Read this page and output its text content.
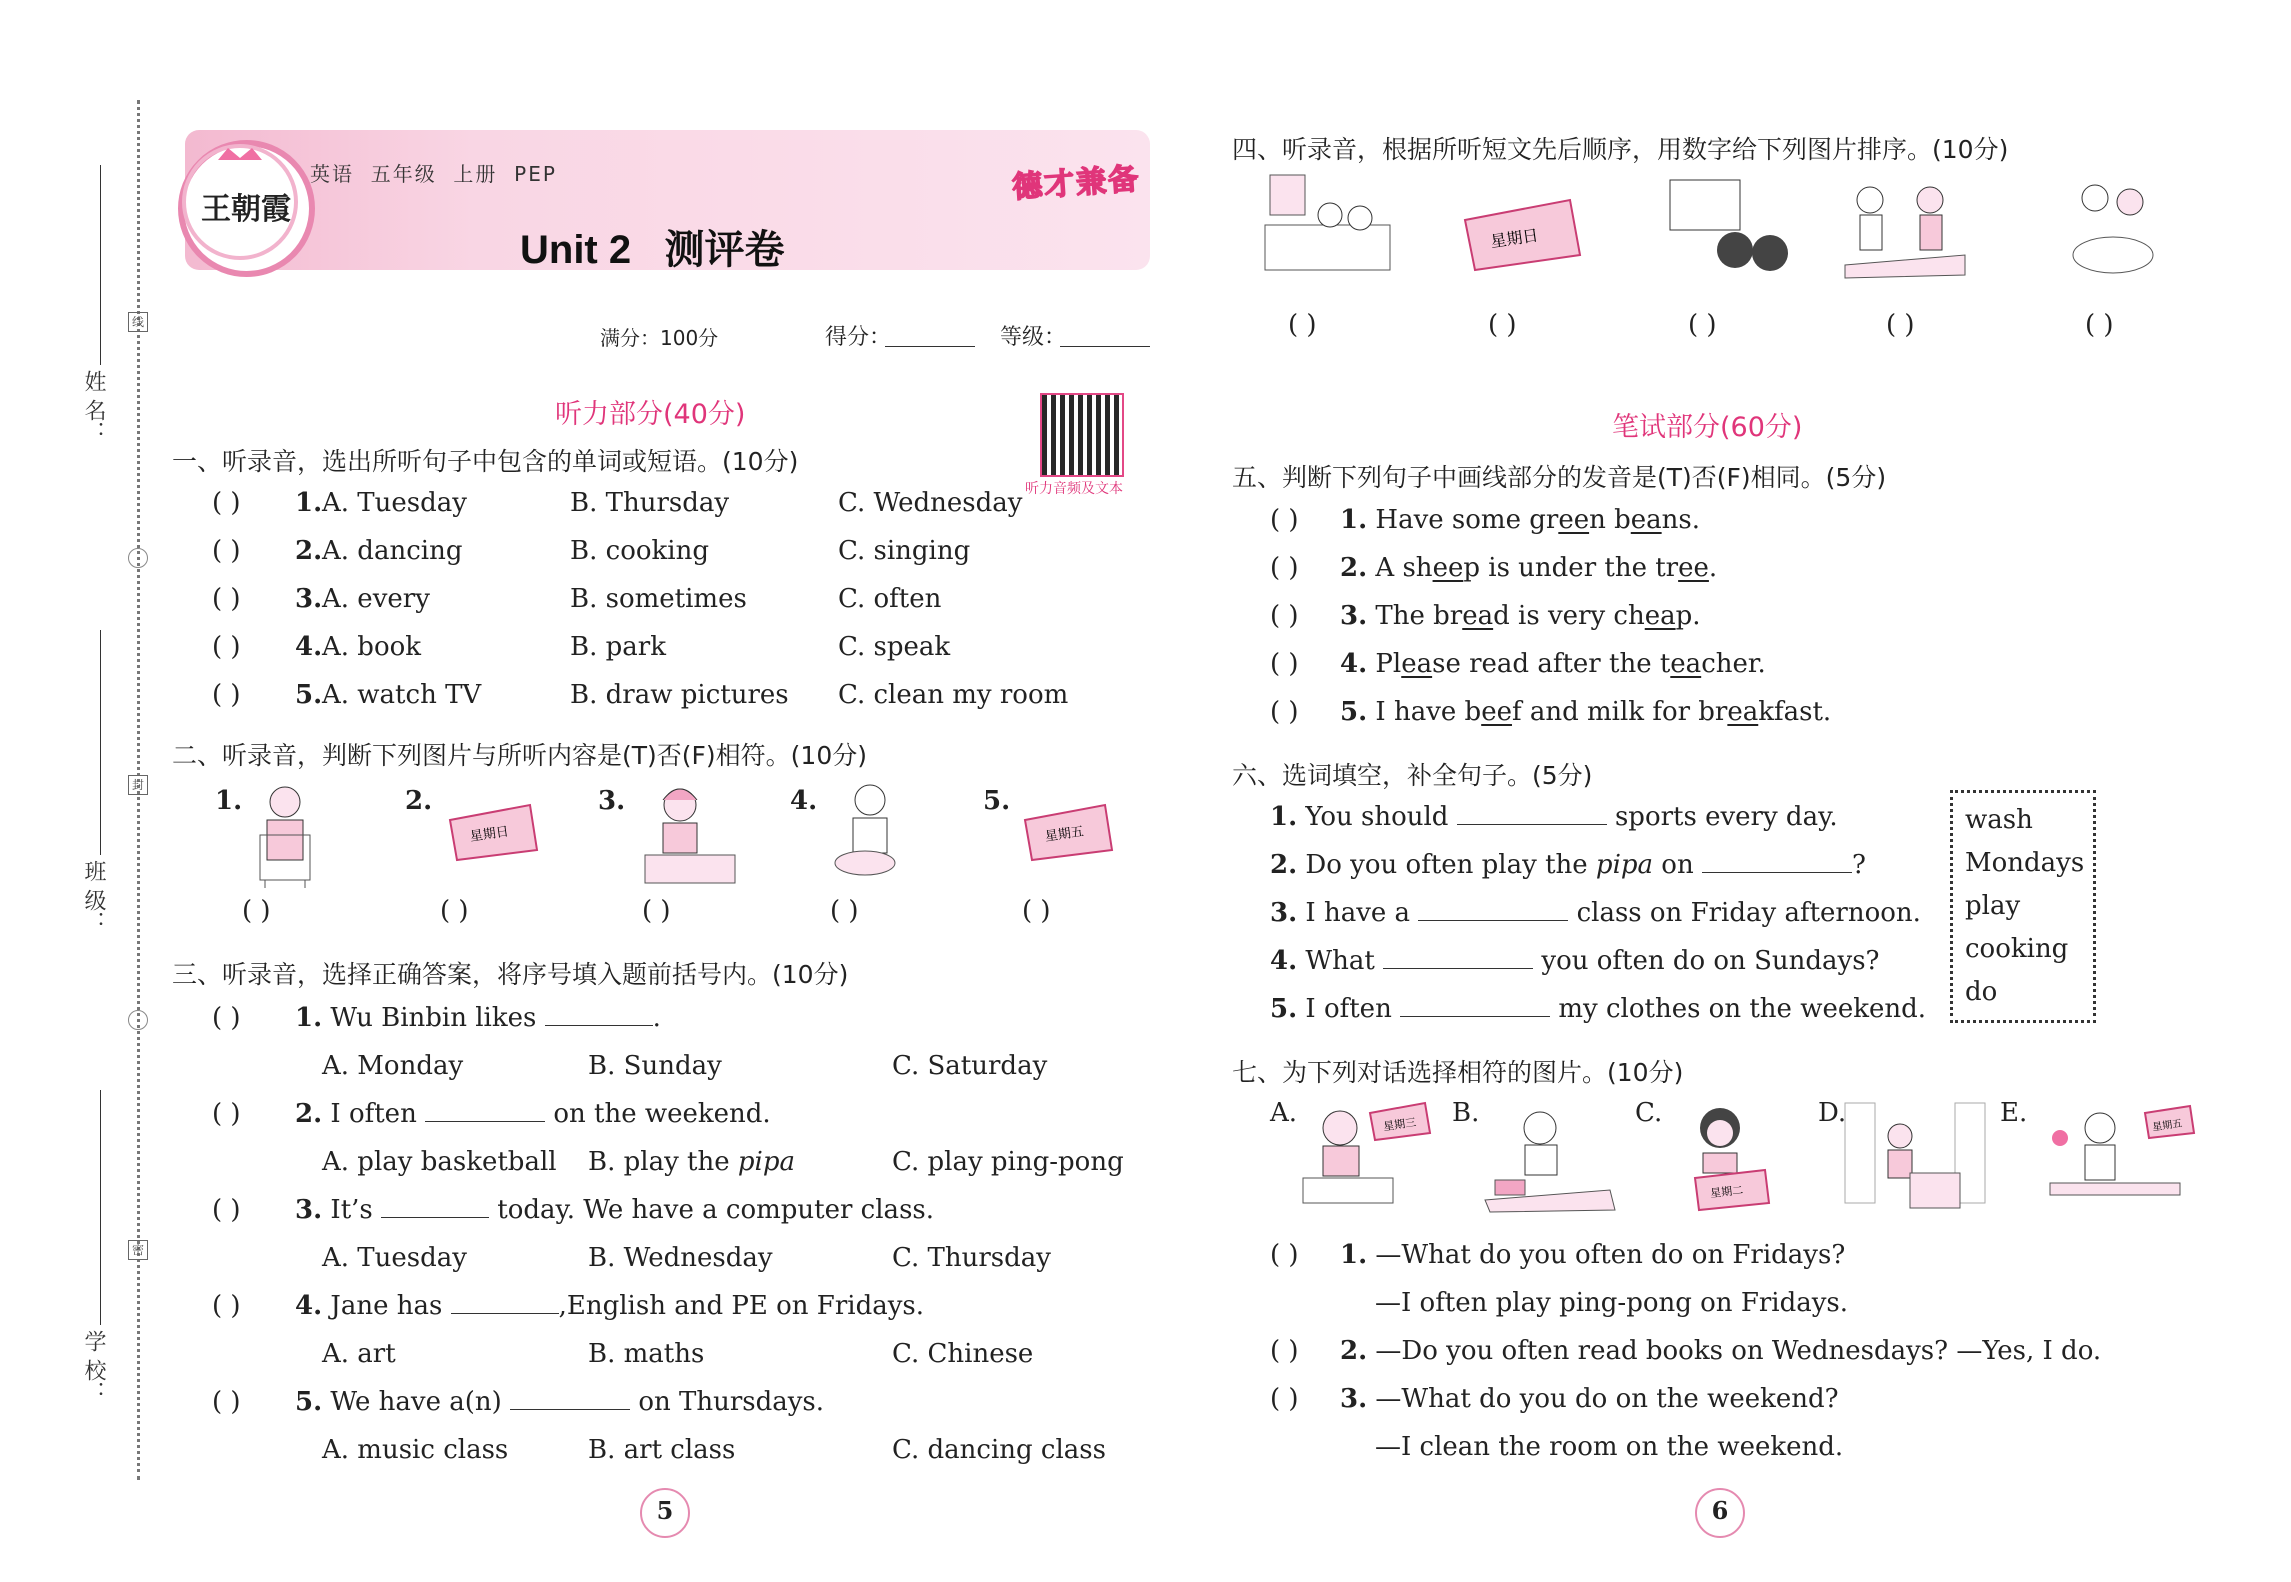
姓 名：
班 级：
学 校：
线
封
密
王朝霞
英语  五年级  上册  PEP
Unit 2   测评卷
德才兼备
满分：100分	得分：	等级：
听力音频及文本
听力部分(40分)
一、听录音，选出所听句子中包含的单词或短语。(10分)
( ) 1. A. Tuesday	B. Thursday	C. Wednesday
( ) 2. A. dancing	B. cooking	C. singing
( ) 3. A. every	B. sometimes	C. often
( ) 4. A. book	B. park	C. speak
( ) 5. A. watch TV	B. draw pictures C. clean my room
二、听录音，判断下列图片与所听内容是(T)否(F)相符。(10分)
1.	2.	3.	4.	5.
星期日	星期五
( )	( )	( )	( )	( )
三、听录音，选择正确答案，将序号填入题前括号内。(10分)
( ) 1. Wu Binbin likes	.
A. Monday	B. Sunday	C. Saturday
( ) 2. I often	on the weekend.
A. play basketball B. play the pipa	C. play ping-pong
( ) 3. It’s	today. We have a computer class.
A. Tuesday	B. Wednesday	C. Thursday
( ) 4. Jane has	,English and PE on Fridays.
A. art	B. maths	C. Chinese
( ) 5. We have a(n)	on Thursdays.
A. music class	B. art class	C. dancing class
5
四、听录音，根据所听短文先后顺序，用数字给下列图片排序。(10分)
星期日
( )	( )	( )	( )	( )
笔试部分(60分)
五、判断下列句子中画线部分的发音是(T)否(F)相同。(5分)
( ) 1. Have some green beans.
( ) 2. A sheep is under the tree.
( ) 3. The bread is very cheap.
( ) 4. Please read after the teacher.
( ) 5. I have beef and milk for breakfast.
六、选词填空，补全句子。(5分)
1. You should	sports every day.
2. Do you often play the pipa on	?
3. I have a	class on Friday afternoon.
4. What	you often do on Sundays?
5. I often	my clothes on the weekend.
wash
Mondays
play
cooking
do
七、为下列对话选择相符的图片。(10分)
A.	B.	C.	D.	E.
星期三
星期二
星期五
( ) 1. —What do you often do on Fridays?
—I often play ping-pong on Fridays.
( ) 2. —Do you often read books on Wednesdays? —Yes, I do.
( ) 3. —What do you do on the weekend?
—I clean the room on the weekend.
6
